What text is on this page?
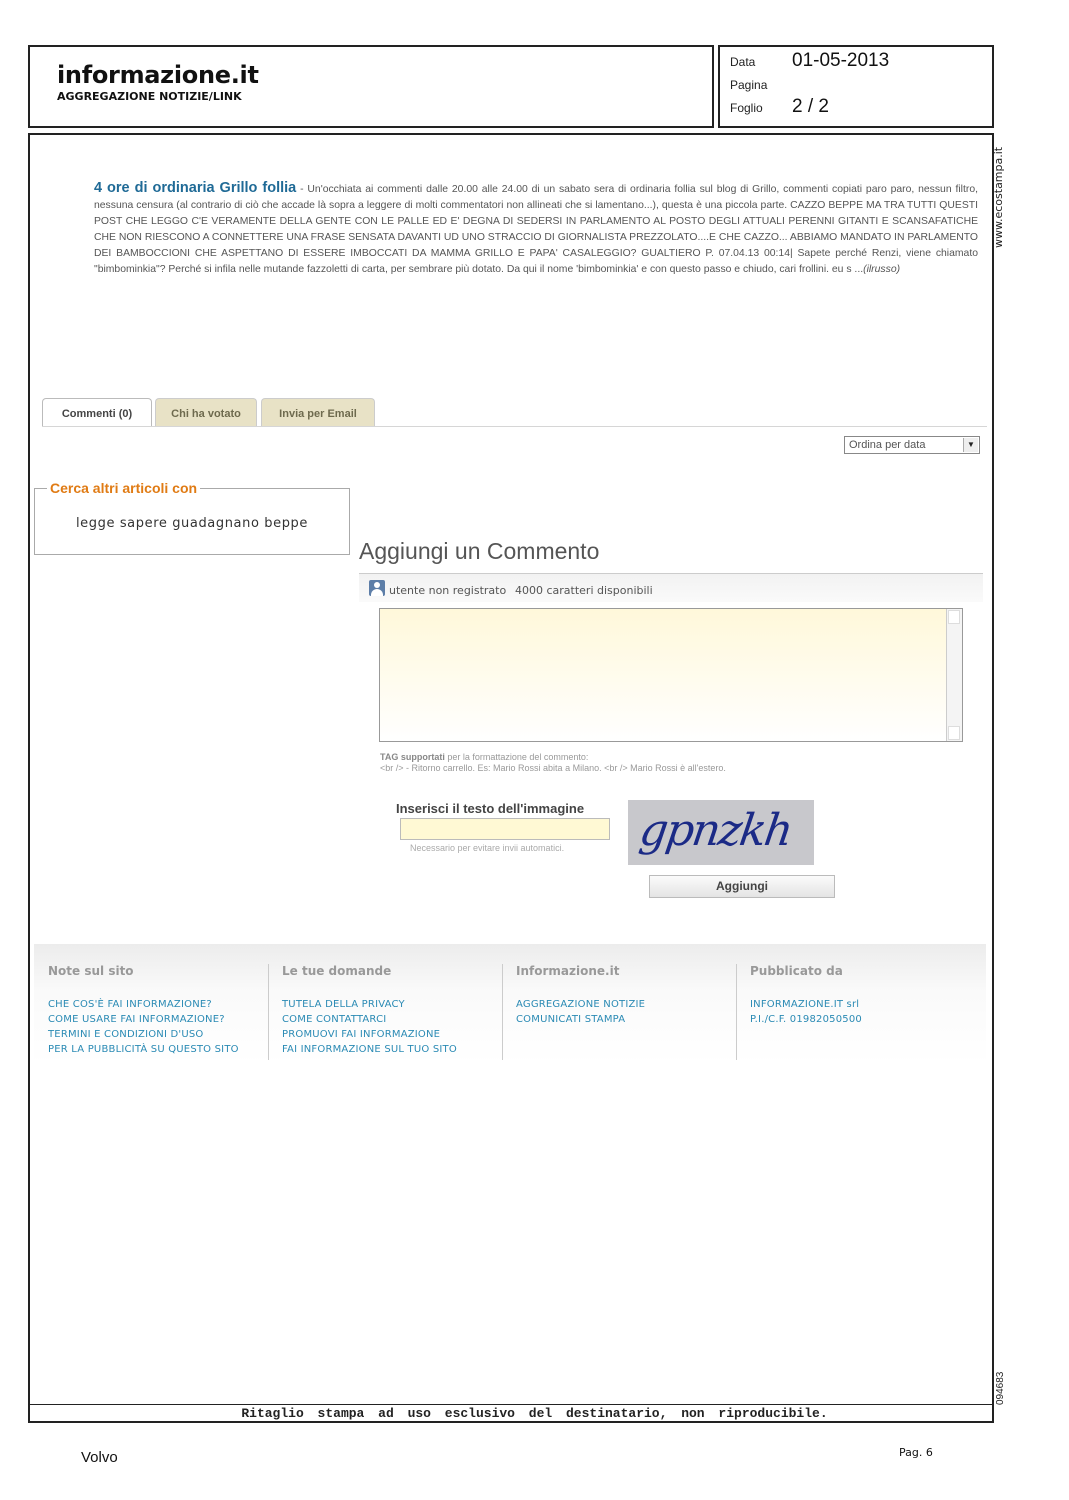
informazione.it
AGGREGAZIONE NOTIZIE/LINK
Data 01-05-2013
Pagina
Foglio 2 / 2
www.ecostampa.it
094683
4 ore di ordinaria Grillo follia - Un'occhiata ai commenti dalle 20.00 alle 24.00 di un sabato sera di ordinaria follia sul blog di Grillo, commenti copiati paro paro, nessun filtro, nessuna censura (al contrario di ciò che accade là sopra a leggere di molti commentatori non allineati che si lamentano...), questa è una piccola parte. CAZZO BEPPE MA TRA TUTTI QUESTI POST CHE LEGGO C'E VERAMENTE DELLA GENTE CON LE PALLE ED E' DEGNA DI SEDERSI IN PARLAMENTO AL POSTO DEGLI ATTUALI PERENNI GITANTI E SCANSAFATICHE CHE NON RIESCONO A CONNETTERE UNA FRASE SENSATA DAVANTI UD UNO STRACCIO DI GIORNALISTA PREZZOLATO....E CHE CAZZO... ABBIAMO MANDATO IN PARLAMENTO DEI BAMBOCCIONI CHE ASPETTANO DI ESSERE IMBOCCATI DA MAMMA GRILLO E PAPA' CASALEGGIO? GUALTIERO P. 07.04.13 00:14| Sapete perché Renzi, viene chiamato "bimbominkia"? Perché si infila nelle mutande fazzoletti di carta, per sembrare più dotato. Da qui il nome 'bimbominkia' e con questo passo e chiudo, cari frollini. eu s ...(ilrusso)
Commenti (0)	Chi ha votato	Invia per Email
Ordina per data	▼
Cerca altri articoli con
legge sapere guadagnano beppe
Aggiungi un Commento
utente non registrato 4000 caratteri disponibili
TAG supportati per la formattazione del commento:
<br /> - Ritorno carrello. Es: Mario Rossi abita a Milano. <br /> Mario Rossi è all'estero.
Inserisci il testo dell'immagine
Necessario per evitare invii automatici. gpnzkh
Aggiungi
Note sul sito
CHE COS'È FAI INFORMAZIONE?
COME USARE FAI INFORMAZIONE?
TERMINI E CONDIZIONI D'USO
PER LA PUBBLICITÀ SU QUESTO SITO
Le tue domande
TUTELA DELLA PRIVACY
COME CONTATTARCI
PROMUOVI FAI INFORMAZIONE
FAI INFORMAZIONE SUL TUO SITO
Informazione.it
AGGREGAZIONE NOTIZIE
COMUNICATI STAMPA
Pubblicato da
INFORMAZIONE.IT srl
P.I./C.F. 01982050500
Ritaglio stampa ad uso esclusivo del destinatario, non riproducibile.
Volvo	Pag. 6
